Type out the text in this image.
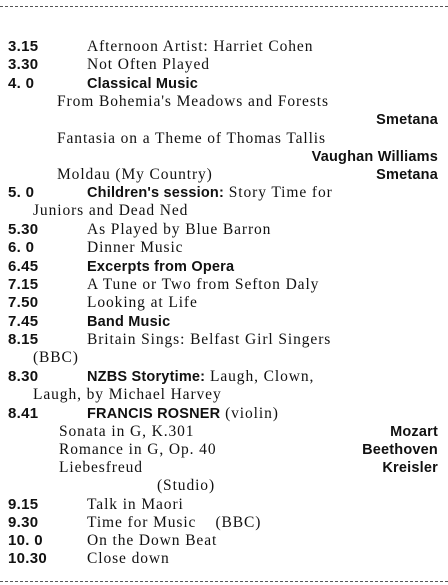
3.15	Afternoon Artist: Harriet Cohen
3.30	Not Often Played
4. 0	Classical Music
From Bohemia's Meadows and Forests
Smetana
Fantasia on a Theme of Thomas Tallis
Vaughan Williams
Moldau (My Country)	Smetana
5. 0	Children's session: Story Time for
Juniors and Dead Ned
5.30	As Played by Blue Barron
6. 0	Dinner Music
6.45	Excerpts from Opera
7.15	A Tune or Two from Sefton Daly
7.50	Looking at Life
7.45	Band Music
8.15	Britain Sings: Belfast Girl Singers
(BBC)
8.30	NZBS Storytime: Laugh, Clown,
Laugh, by Michael Harvey
8.41	FRANCIS ROSNER (violin)
Sonata in G, K.301	Mozart
Romance in G, Op. 40	Beethoven
Liebesfreud	Kreisler
(Studio)
9.15	Talk in Maori
9.30	Time for Music    (BBC)
10. 0	On the Down Beat
10.30	Close down
